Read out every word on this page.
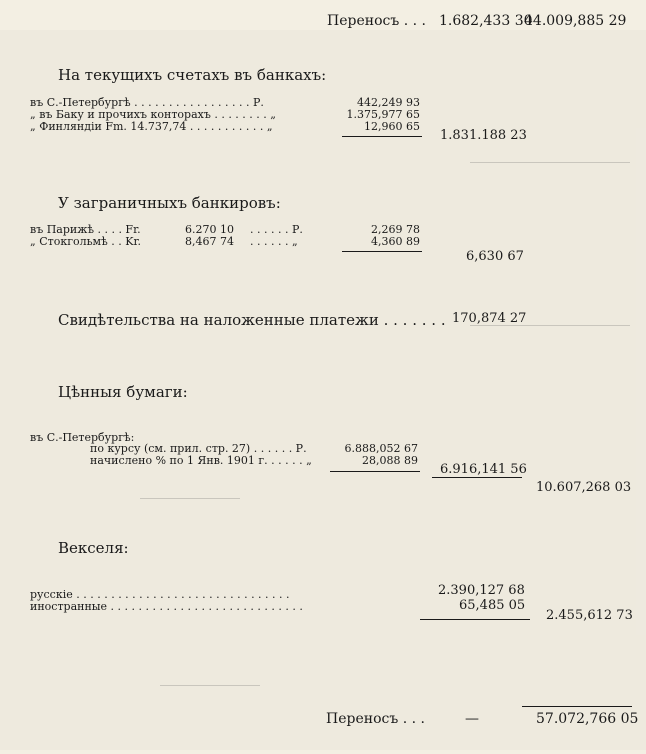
Переносъ . . . 1.682,433 30
44.009,885 29
На текущихъ счетахъ въ банкахъ:
въ С.-Петербургѣ . . . . . . . . . . . . . . . . . Р.	442,249 93
„ въ Баку и прочихъ конторахъ . . . . . . . . „	1.375,977 65
„ Финляндіи Fm. 14.737,74 . . . . . . . . . . . „	12,960 65
1.831.188 23
У заграничныхъ банкировъ:
въ Парижѣ . . . . Fr.	6.270 10 . . . . . . Р.	2,269 78
„ Стокгольмѣ . . Kr.	8,467 74 . . . . . . „	4,360 89
6,630 67
Свидѣтельства на наложенные платежи . . . . . . . 170,874 27
Цѣнныя бумаги:
въ С.-Петербургѣ:
по курсу (см. прил. стр. 27) . . . . . . Р.	6.888,052 67
начислено % по 1 Янв. 1901 г. . . . . . „	28,088 89
6.916,141 56
10.607,268 03
Векселя:
русскіе . . . . . . . . . . . . . . . . . . . . . . . . . . . . . . .	2.390,127 68
иностранные . . . . . . . . . . . . . . . . . . . . . . . . . . . .	65,485 05
2.455,612 73
Переносъ . . .	—	57.072,766 05
